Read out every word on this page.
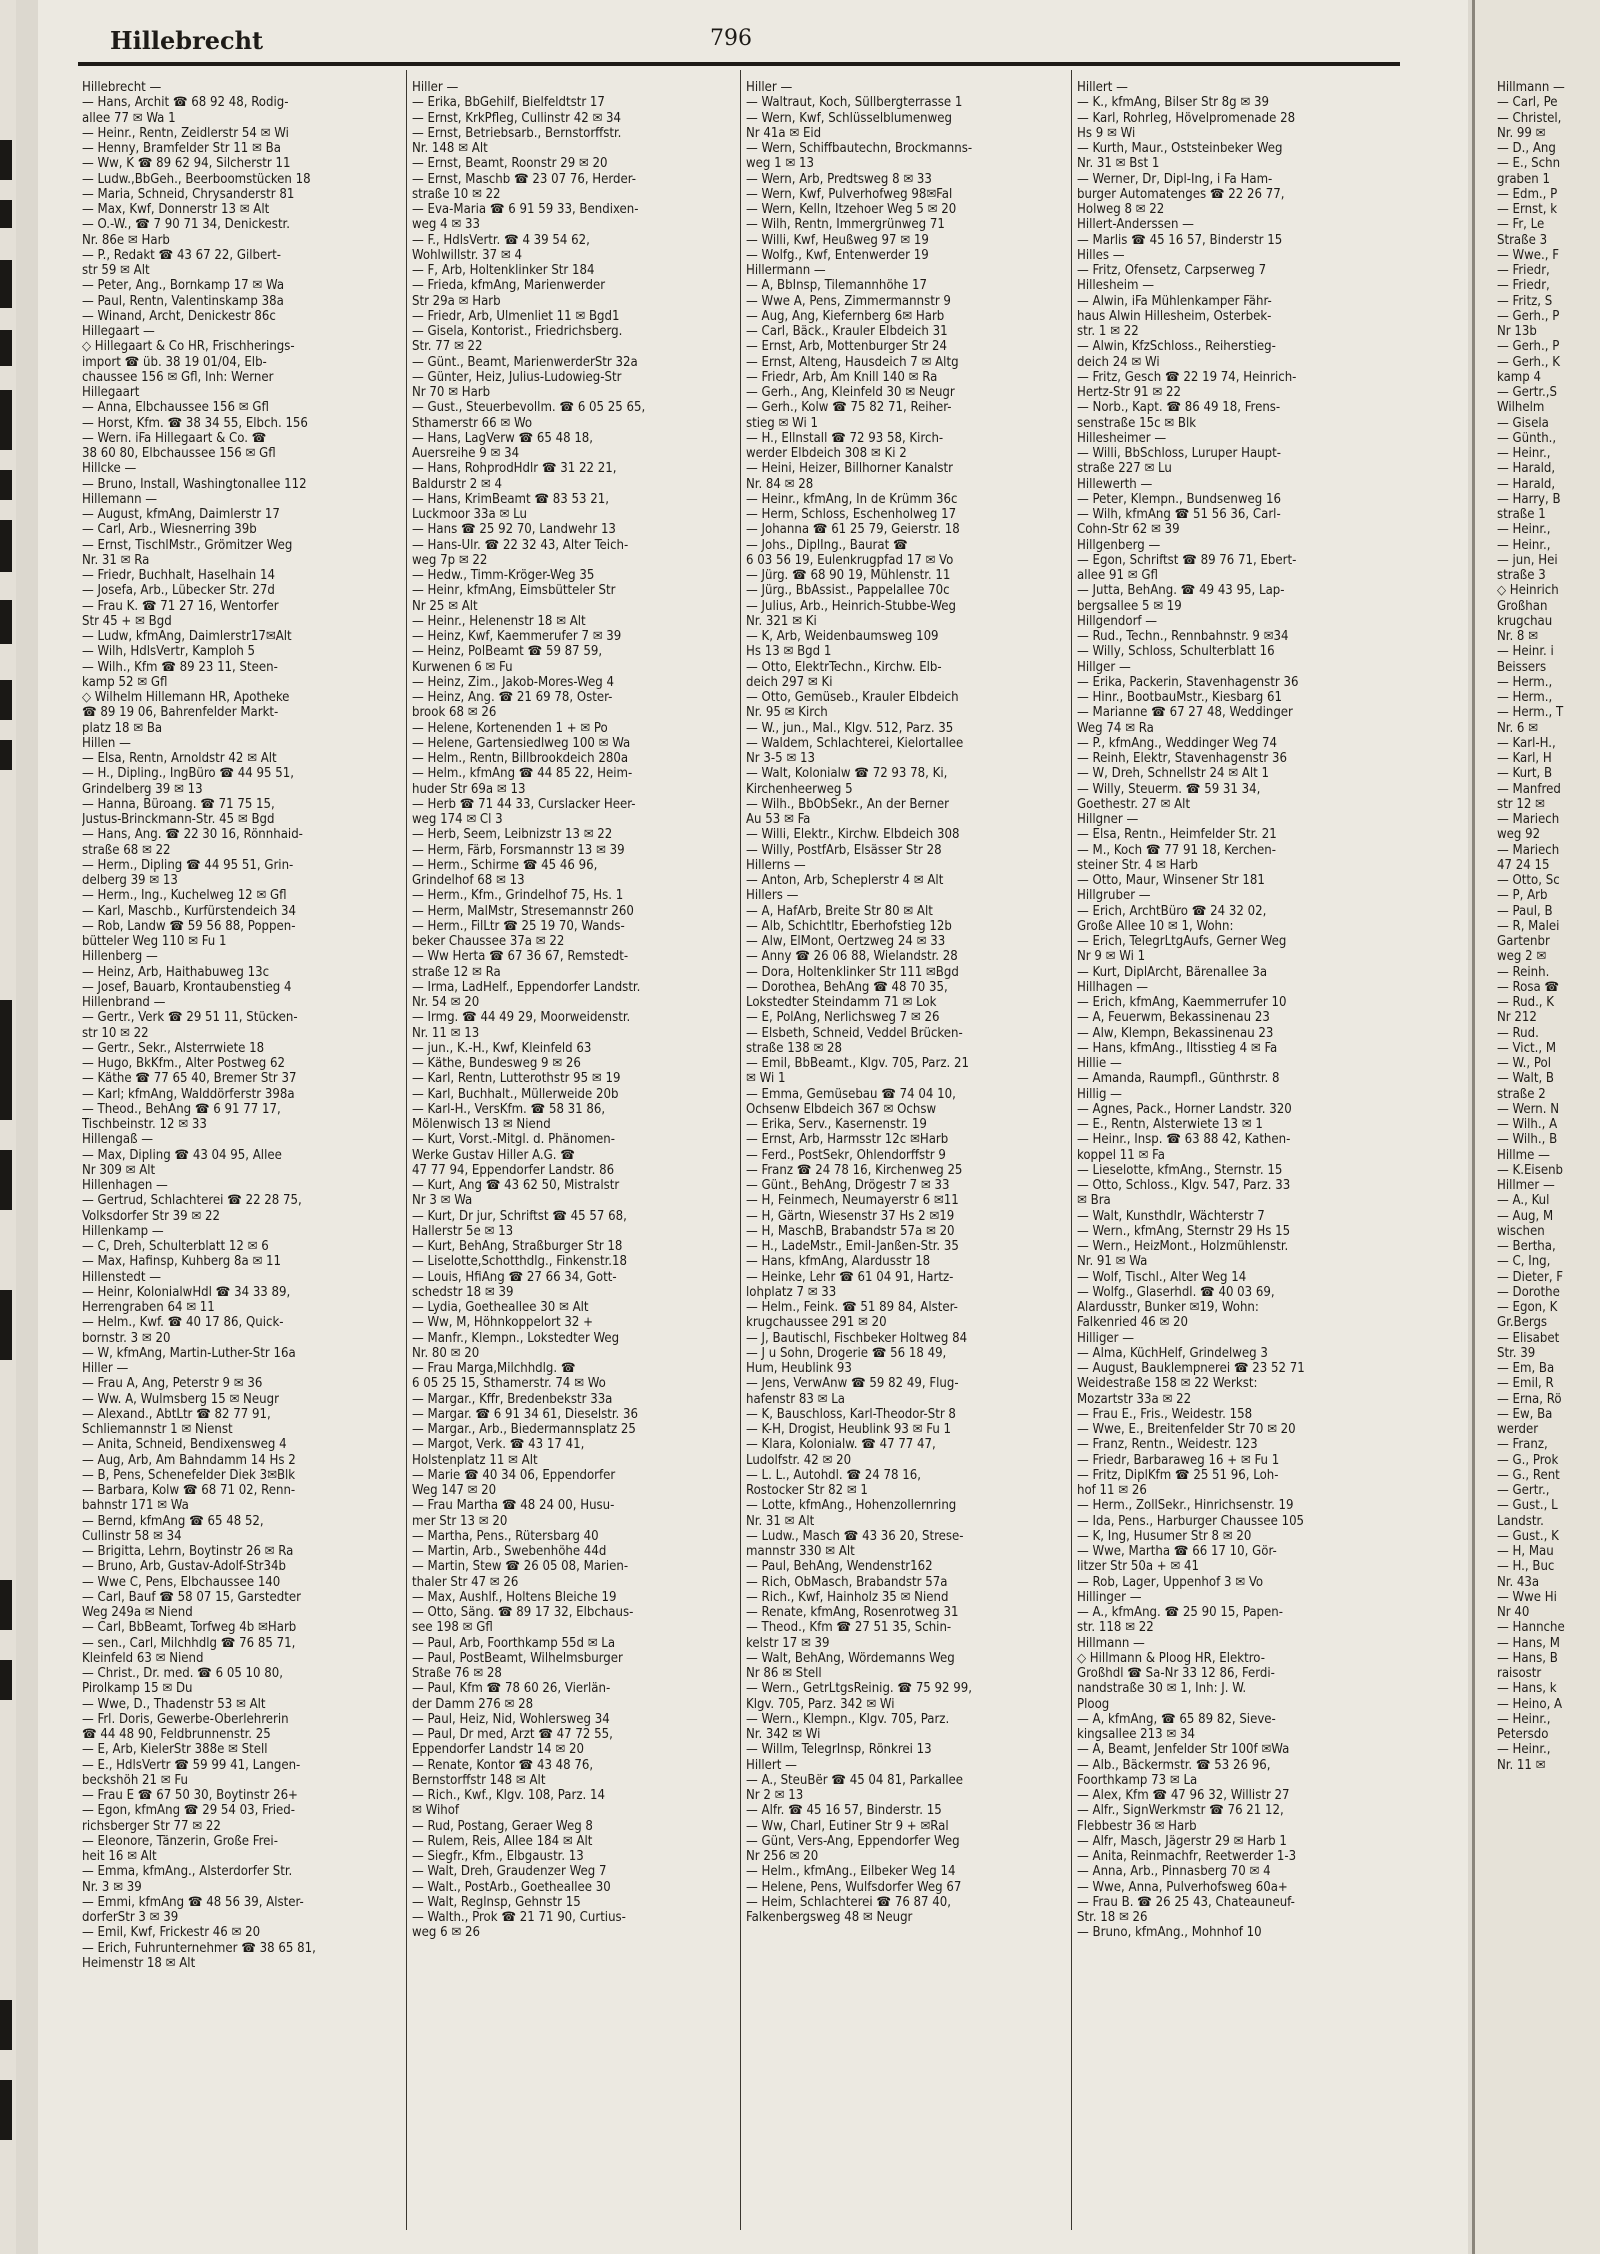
Hillebrecht	796
Hillebrecht —
— Hans, Archit ☎ 68 92 48, Rodig-
allee 77 ✉ Wa 1
— Heinr., Rentn, Zeidlerstr 54 ✉ Wi
— Henny, Bramfelder Str 11 ✉ Ba
— Ww, K ☎ 89 62 94, Silcherstr 11
— Ludw.,BbGeh., Beerboomstücken 18
— Maria, Schneid, Chrysanderstr 81
— Max, Kwf, Donnerstr 13 ✉ Alt
— O.-W., ☎ 7 90 71 34, Denickestr.
Nr. 86e ✉ Harb
— P., Redakt ☎ 43 67 22, Gilbert-
str 59 ✉ Alt
— Peter, Ang., Bornkamp 17 ✉ Wa
— Paul, Rentn, Valentinskamp 38a
— Winand, Archt, Denickestr 86c
Hillegaart —
◇ Hillegaart & Co HR, Frischherings-
import ☎ üb. 38 19 01/04, Elb-
chaussee 156 ✉ Gfl, Inh: Werner
Hillegaart
— Anna, Elbchaussee 156 ✉ Gfl
— Horst, Kfm. ☎ 38 34 55, Elbch. 156
— Wern. iFa Hillegaart & Co. ☎
38 60 80, Elbchaussee 156 ✉ Gfl
Hillcke —
— Bruno, Install, Washingtonallee 112
Hillemann —
— August, kfmAng, Daimlerstr 17
— Carl, Arb., Wiesnerring 39b
— Ernst, TischlMstr., Grömitzer Weg
Nr. 31 ✉ Ra
— Friedr, Buchhalt, Haselhain 14
— Josefa, Arb., Lübecker Str. 27d
— Frau K. ☎ 71 27 16, Wentorfer
Str 45 + ✉ Bgd
— Ludw, kfmAng, Daimlerstr17✉Alt
— Wilh, HdlsVertr, Kamploh 5
— Wilh., Kfm ☎ 89 23 11, Steen-
kamp 52 ✉ Gfl
◇ Wilhelm Hillemann HR, Apotheke
☎ 89 19 06, Bahrenfelder Markt-
platz 18 ✉ Ba
Hillen —
— Elsa, Rentn, Arnoldstr 42 ✉ Alt
— H., Dipling., IngBüro ☎ 44 95 51,
Grindelberg 39 ✉ 13
— Hanna, Büroang. ☎ 71 75 15,
Justus-Brinckmann-Str. 45 ✉ Bgd
— Hans, Ang. ☎ 22 30 16, Rönnhaid-
straße 68 ✉ 22
— Herm., Dipling ☎ 44 95 51, Grin-
delberg 39 ✉ 13
— Herm., Ing., Kuchelweg 12 ✉ Gfl
— Karl, Maschb., Kurfürstendeich 34
— Rob, Landw ☎ 59 56 88, Poppen-
bütteler Weg 110 ✉ Fu 1
Hillenberg —
— Heinz, Arb, Haithabuweg 13c
— Josef, Bauarb, Krontaubenstieg 4
Hillenbrand —
— Gertr., Verk ☎ 29 51 11, Stücken-
str 10 ✉ 22
— Gertr., Sekr., Alsterrwiete 18
— Hugo, BkKfm., Alter Postweg 62
— Käthe ☎ 77 65 40, Bremer Str 37
— Karl; kfmAng, Walddörferstr 398a
— Theod., BehAng ☎ 6 91 77 17,
Tischbeinstr. 12 ✉ 33
Hillengaß —
— Max, Dipling ☎ 43 04 95, Allee
Nr 309 ✉ Alt
Hillenhagen —
— Gertrud, Schlachterei ☎ 22 28 75,
Volksdorfer Str 39 ✉ 22
Hillenkamp —
— C, Dreh, Schulterblatt 12 ✉ 6
— Max, Hafinsp, Kuhberg 8a ✉ 11
Hillenstedt —
— Heinr, KolonialwHdl ☎ 34 33 89,
Herrengraben 64 ✉ 11
— Helm., Kwf. ☎ 40 17 86, Quick-
bornstr. 3 ✉ 20
— W, kfmAng, Martin-Luther-Str 16a
Hiller —
— Frau A, Ang, Peterstr 9 ✉ 36
— Ww. A, Wulmsberg 15 ✉ Neugr
— Alexand., AbtLtr ☎ 82 77 91,
Schliemannstr 1 ✉ Nienst
— Anita, Schneid, Bendixensweg 4
— Aug, Arb, Am Bahndamm 14 Hs 2
— B, Pens, Schenefelder Diek 3✉Blk
— Barbara, Kolw ☎ 68 71 02, Renn-
bahnstr 171 ✉ Wa
— Bernd, kfmAng ☎ 65 48 52,
Cullinstr 58 ✉ 34
— Brigitta, Lehrn, Boytinstr 26 ✉ Ra
— Bruno, Arb, Gustav-Adolf-Str34b
— Wwe C, Pens, Elbchaussee 140
— Carl, Bauf ☎ 58 07 15, Garstedter
Weg 249a ✉ Niend
— Carl, BbBeamt, Torfweg 4b ✉Harb
— sen., Carl, Milchhdlg ☎ 76 85 71,
Kleinfeld 63 ✉ Niend
— Christ., Dr. med. ☎ 6 05 10 80,
Pirolkamp 15 ✉ Du
— Wwe, D., Thadenstr 53 ✉ Alt
— Frl. Doris, Gewerbe-Oberlehrerin
☎ 44 48 90, Feldbrunnenstr. 25
— E, Arb, KielerStr 388e ✉ Stell
— E., HdlsVertr ☎ 59 99 41, Langen-
beckshöh 21 ✉ Fu
— Frau E ☎ 67 50 30, Boytinstr 26+
— Egon, kfmAng ☎ 29 54 03, Fried-
richsberger Str 77 ✉ 22
— Eleonore, Tänzerin, Große Frei-
heit 16 ✉ Alt
— Emma, kfmAng., Alsterdorfer Str.
Nr. 3 ✉ 39
— Emmi, kfmAng ☎ 48 56 39, Alster-
dorferStr 3 ✉ 39
— Emil, Kwf, Frickestr 46 ✉ 20
— Erich, Fuhrunternehmer ☎ 38 65 81,
Heimenstr 18 ✉ Alt
Hiller —
— Erika, BbGehilf, Bielfeldtstr 17
— Ernst, KrkPfleg, Cullinstr 42 ✉ 34
— Ernst, Betriebsarb., Bernstorffstr.
Nr. 148 ✉ Alt
— Ernst, Beamt, Roonstr 29 ✉ 20
— Ernst, Maschb ☎ 23 07 76, Herder-
straße 10 ✉ 22
— Eva-Maria ☎ 6 91 59 33, Bendixen-
weg 4 ✉ 33
— F., HdlsVertr. ☎ 4 39 54 62,
Wohlwillstr. 37 ✉ 4
— F, Arb, Holtenklinker Str 184
— Frieda, kfmAng, Marienwerder
Str 29a ✉ Harb
— Friedr, Arb, Ulmenliet 11 ✉ Bgd1
— Gisela, Kontorist., Friedrichsberg.
Str. 77 ✉ 22
— Günt., Beamt, MarienwerderStr 32a
— Günter, Heiz, Julius-Ludowieg-Str
Nr 70 ✉ Harb
— Gust., Steuerbevollm. ☎ 6 05 25 65,
Sthamerstr 66 ✉ Wo
— Hans, LagVerw ☎ 65 48 18,
Auersreihe 9 ✉ 34
— Hans, RohprodHdlr ☎ 31 22 21,
Baldurstr 2 ✉ 4
— Hans, KrimBeamt ☎ 83 53 21,
Luckmoor 33a ✉ Lu
— Hans ☎ 25 92 70, Landwehr 13
— Hans-Ulr. ☎ 22 32 43, Alter Teich-
weg 7p ✉ 22
— Hedw., Timm-Kröger-Weg 35
— Heinr, kfmAng, Eimsbütteler Str
Nr 25 ✉ Alt
— Heinr., Helenenstr 18 ✉ Alt
— Heinz, Kwf, Kaemmerufer 7 ✉ 39
— Heinz, PolBeamt ☎ 59 87 59,
Kurwenen 6 ✉ Fu
— Heinz, Zim., Jakob-Mores-Weg 4
— Heinz, Ang. ☎ 21 69 78, Oster-
brook 68 ✉ 26
— Helene, Kortenenden 1 + ✉ Po
— Helene, Gartensiedlweg 100 ✉ Wa
— Helm., Rentn, Billbrookdeich 280a
— Helm., kfmAng ☎ 44 85 22, Heim-
huder Str 69a ✉ 13
— Herb ☎ 71 44 33, Curslacker Heer-
weg 174 ✉ Cl 3
— Herb, Seem, Leibnizstr 13 ✉ 22
— Herm, Färb, Forsmannstr 13 ✉ 39
— Herm., Schirme ☎ 45 46 96,
Grindelhof 68 ✉ 13
— Herm., Kfm., Grindelhof 75, Hs. 1
— Herm, MalMstr, Stresemannstr 260
— Herm., FilLtr ☎ 25 19 70, Wands-
beker Chaussee 37a ✉ 22
— Ww Herta ☎ 67 36 67, Remstedt-
straße 12 ✉ Ra
— Irma, LadHelf., Eppendorfer Landstr.
Nr. 54 ✉ 20
— Irmg. ☎ 44 49 29, Moorweidenstr.
Nr. 11 ✉ 13
— jun., K.-H., Kwf, Kleinfeld 63
— Käthe, Bundesweg 9 ✉ 26
— Karl, Rentn, Lutterothstr 95 ✉ 19
— Karl, Buchhalt., Müllerweide 20b
— Karl-H., VersKfm. ☎ 58 31 86,
Mölenwisch 13 ✉ Niend
— Kurt, Vorst.-Mitgl. d. Phänomen-
Werke Gustav Hiller A.G. ☎
47 77 94, Eppendorfer Landstr. 86
— Kurt, Ang ☎ 43 62 50, Mistralstr
Nr 3 ✉ Wa
— Kurt, Dr jur, Schriftst ☎ 45 57 68,
Hallerstr 5e ✉ 13
— Kurt, BehAng, Straßburger Str 18
— Liselotte,Schotthdlg., Finkenstr.18
— Louis, HfiAng ☎ 27 66 34, Gott-
schedstr 18 ✉ 39
— Lydia, Goetheallee 30 ✉ Alt
— Ww, M, Höhnkoppelort 32 +
— Manfr., Klempn., Lokstedter Weg
Nr. 80 ✉ 20
— Frau Marga,Milchhdlg. ☎
6 05 25 15, Sthamerstr. 74 ✉ Wo
— Margar., Kffr, Bredenbekstr 33a
— Margar. ☎ 6 91 34 61, Dieselstr. 36
— Margar., Arb., Biedermannsplatz 25
— Margot, Verk. ☎ 43 17 41,
Holstenplatz 11 ✉ Alt
— Marie ☎ 40 34 06, Eppendorfer
Weg 147 ✉ 20
— Frau Martha ☎ 48 24 00, Husu-
mer Str 13 ✉ 20
— Martha, Pens., Rütersbarg 40
— Martin, Arb., Swebenhöhe 44d
— Martin, Stew ☎ 26 05 08, Marien-
thaler Str 47 ✉ 26
— Max, Aushlf., Holtens Bleiche 19
— Otto, Säng. ☎ 89 17 32, Elbchaus-
see 198 ✉ Gfl
— Paul, Arb, Foorthkamp 55d ✉ La
— Paul, PostBeamt, Wilhelmsburger
Straße 76 ✉ 28
— Paul, Kfm ☎ 78 60 26, Vierlän-
der Damm 276 ✉ 28
— Paul, Heiz, Nid, Wohlersweg 34
— Paul, Dr med, Arzt ☎ 47 72 55,
Eppendorfer Landstr 14 ✉ 20
— Renate, Kontor ☎ 43 48 76,
Bernstorffstr 148 ✉ Alt
— Rich., Kwf., Klgv. 108, Parz. 14
✉ Wihof
— Rud, Postang, Geraer Weg 8
— Rulem, Reis, Allee 184 ✉ Alt
— Siegfr., Kfm., Elbgaustr. 13
— Walt, Dreh, Graudenzer Weg 7
— Walt., PostArb., Goetheallee 30
— Walt, Reglnsp, Gehnstr 15
— Walth., Prok ☎ 21 71 90, Curtius-
weg 6 ✉ 26
Hiller —
— Waltraut, Koch, Süllbergterrasse 1
— Wern, Kwf, Schlüsselblumenweg
Nr 41a ✉ Eid
— Wern, Schiffbautechn, Brockmanns-
weg 1 ✉ 13
— Wern, Arb, Predtsweg 8 ✉ 33
— Wern, Kwf, Pulverhofweg 98✉Fal
— Wern, Kelln, Itzehoer Weg 5 ✉ 20
— Wilh, Rentn, Immergrünweg 71
— Willi, Kwf, Heußweg 97 ✉ 19
— Wolfg., Kwf, Entenwerder 19
Hillermann —
— A, BbInsp, Tilemannhöhe 17
— Wwe A, Pens, Zimmermannstr 9
— Aug, Ang, Kiefernberg 6✉ Harb
— Carl, Bäck., Krauler Elbdeich 31
— Ernst, Arb, Mottenburger Str 24
— Ernst, Alteng, Hausdeich 7 ✉ Altg
— Friedr, Arb, Am Knill 140 ✉ Ra
— Gerh., Ang, Kleinfeld 30 ✉ Neugr
— Gerh., Kolw ☎ 75 82 71, Reiher-
stieg ✉ Wi 1
— H., Ellnstall ☎ 72 93 58, Kirch-
werder Elbdeich 308 ✉ Ki 2
— Heini, Heizer, Billhorner Kanalstr
Nr. 84 ✉ 28
— Heinr., kfmAng, In de Krümm 36c
— Herm, Schloss, Eschenholweg 17
— Johanna ☎ 61 25 79, Geierstr. 18
— Johs., DiplIng., Baurat ☎
6 03 56 19, Eulenkrugpfad 17 ✉ Vo
— Jürg. ☎ 68 90 19, Mühlenstr. 11
— Jürg., BbAssist., Pappelallee 70c
— Julius, Arb., Heinrich-Stubbe-Weg
Nr. 321 ✉ Ki
— K, Arb, Weidenbaumsweg 109
Hs 13 ✉ Bgd 1
— Otto, ElektrTechn., Kirchw. Elb-
deich 297 ✉ Ki
— Otto, Gemüseb., Krauler Elbdeich
Nr. 95 ✉ Kirch
— W., jun., Mal., Klgv. 512, Parz. 35
— Waldem, Schlachterei, Kielortallee
Nr 3-5 ✉ 13
— Walt, Kolonialw ☎ 72 93 78, Ki,
Kirchenheerweg 5
— Wilh., BbObSekr., An der Berner
Au 53 ✉ Fa
— Willi, Elektr., Kirchw. Elbdeich 308
— Willy, PostfArb, Elsässer Str 28
Hillerns —
— Anton, Arb, Scheplerstr 4 ✉ Alt
Hillers —
— A, HafArb, Breite Str 80 ✉ Alt
— Alb, Schichtltr, Eberhofstieg 12b
— Alw, ElMont, Oertzweg 24 ✉ 33
— Anny ☎ 26 06 88, Wielandstr. 28
— Dora, Holtenklinker Str 111 ✉Bgd
— Dorothea, BehAng ☎ 48 70 35,
Lokstedter Steindamm 71 ✉ Lok
— E, PolAng, Nerlichsweg 7 ✉ 26
— Elsbeth, Schneid, Veddel Brücken-
straße 138 ✉ 28
— Emil, BbBeamt., Klgv. 705, Parz. 21
✉ Wi 1
— Emma, Gemüsebau ☎ 74 04 10,
Ochsenw Elbdeich 367 ✉ Ochsw
— Erika, Serv., Kasernenstr. 19
— Ernst, Arb, Harmsstr 12c ✉Harb
— Ferd., PostSekr, Ohlendorffstr 9
— Franz ☎ 24 78 16, Kirchenweg 25
— Günt., BehAng, Drögestr 7 ✉ 33
— H, Feinmech, Neumayerstr 6 ✉11
— H, Gärtn, Wiesenstr 37 Hs 2 ✉19
— H, MaschB, Brabandstr 57a ✉ 20
— H., LadeMstr., Emil-Janßen-Str. 35
— Hans, kfmAng, Alardusstr 18
— Heinke, Lehr ☎ 61 04 91, Hartz-
lohplatz 7 ✉ 33
— Helm., Feink. ☎ 51 89 84, Alster-
krugchaussee 291 ✉ 20
— J, Bautischl, Fischbeker Holtweg 84
— J u Sohn, Drogerie ☎ 56 18 49,
Hum, Heublink 93
— Jens, VerwAnw ☎ 59 82 49, Flug-
hafenstr 83 ✉ La
— K, Bauschloss, Karl-Theodor-Str 8
— K-H, Drogist, Heublink 93 ✉ Fu 1
— Klara, Kolonialw. ☎ 47 77 47,
Ludolfstr. 42 ✉ 20
— L. L., Autohdl. ☎ 24 78 16,
Rostocker Str 82 ✉ 1
— Lotte, kfmAng., Hohenzollernring
Nr. 31 ✉ Alt
— Ludw., Masch ☎ 43 36 20, Strese-
mannstr 330 ✉ Alt
— Paul, BehAng, Wendenstr162
— Rich, ObMasch, Brabandstr 57a
— Rich., Kwf, Hainholz 35 ✉ Niend
— Renate, kfmAng, Rosenrotweg 31
— Theod., Kfm ☎ 27 51 35, Schin-
kelstr 17 ✉ 39
— Walt, BehAng, Wördemanns Weg
Nr 86 ✉ Stell
— Wern., GetrLtgsReinig. ☎ 75 92 99,
Klgv. 705, Parz. 342 ✉ Wi
— Wern., Klempn., Klgv. 705, Parz.
Nr. 342 ✉ Wi
— Willm, TelegrInsp, Rönkrei 13
Hillert —
— A., SteuBër ☎ 45 04 81, Parkallee
Nr 2 ✉ 13
— Alfr. ☎ 45 16 57, Binderstr. 15
— Ww, Charl, Eutiner Str 9 + ✉Ral
— Günt, Vers-Ang, Eppendorfer Weg
Nr 256 ✉ 20
— Helm., kfmAng., Eilbeker Weg 14
— Helene, Pens, Wulfsdorfer Weg 67
— Heim, Schlachterei ☎ 76 87 40,
Falkenbergsweg 48 ✉ Neugr
Hillert —
— K., kfmAng, Bilser Str 8g ✉ 39
— Karl, Rohrleg, Hövelpromenade 28
Hs 9 ✉ Wi
— Kurth, Maur., Oststeinbeker Weg
Nr. 31 ✉ Bst 1
— Werner, Dr, Dipl-Ing, i Fa Ham-
burger Automatenges ☎ 22 26 77,
Holweg 8 ✉ 22
Hillert-Anderssen —
— Marlis ☎ 45 16 57, Binderstr 15
Hilles —
— Fritz, Ofensetz, Carpserweg 7
Hillesheim —
— Alwin, iFa Mühlenkamper Fähr-
haus Alwin Hillesheim, Osterbek-
str. 1 ✉ 22
— Alwin, KfzSchloss., Reiherstieg-
deich 24 ✉ Wi
— Fritz, Gesch ☎ 22 19 74, Heinrich-
Hertz-Str 91 ✉ 22
— Norb., Kapt. ☎ 86 49 18, Frens-
senstraße 15c ✉ Blk
Hillesheimer —
— Willi, BbSchloss, Luruper Haupt-
straße 227 ✉ Lu
Hillewerth —
— Peter, Klempn., Bundsenweg 16
— Wilh, kfmAng ☎ 51 56 36, Carl-
Cohn-Str 62 ✉ 39
Hillgenberg —
— Egon, Schriftst ☎ 89 76 71, Ebert-
allee 91 ✉ Gfl
— Jutta, BehAng. ☎ 49 43 95, Lap-
bergsallee 5 ✉ 19
Hillgendorf —
— Rud., Techn., Rennbahnstr. 9 ✉34
— Willy, Schloss, Schulterblatt 16
Hillger —
— Erika, Packerin, Stavenhagenstr 36
— Hinr., BootbauMstr., Kiesbarg 61
— Marianne ☎ 67 27 48, Weddinger
Weg 74 ✉ Ra
— P., kfmAng., Weddinger Weg 74
— Reinh, Elektr, Stavenhagenstr 36
— W, Dreh, Schnellstr 24 ✉ Alt 1
— Willy, Steuerm. ☎ 59 31 34,
Goethestr. 27 ✉ Alt
Hillgner —
— Elsa, Rentn., Heimfelder Str. 21
— M., Koch ☎ 77 91 18, Kerchen-
steiner Str. 4 ✉ Harb
— Otto, Maur, Winsener Str 181
Hillgruber —
— Erich, ArchtBüro ☎ 24 32 02,
Große Allee 10 ✉ 1, Wohn:
— Erich, TelegrLtgAufs, Gerner Weg
Nr 9 ✉ Wi 1
— Kurt, DiplArcht, Bärenallee 3a
Hillhagen —
— Erich, kfmAng, Kaemmerrufer 10
— A, Feuerwm, Bekassinenau 23
— Alw, Klempn, Bekassinenau 23
— Hans, kfmAng., Iltisstieg 4 ✉ Fa
Hillie —
— Amanda, Raumpfl., Günthrstr. 8
Hillig —
— Agnes, Pack., Horner Landstr. 320
— E., Rentn, Alsterwiete 13 ✉ 1
— Heinr., Insp. ☎ 63 88 42, Kathen-
koppel 11 ✉ Fa
— Lieselotte, kfmAng., Sternstr. 15
— Otto, Schloss., Klgv. 547, Parz. 33
✉ Bra
— Walt, Kunsthdlr, Wächterstr 7
— Wern., kfmAng, Sternstr 29 Hs 15
— Wern., HeizMont., Holzmühlenstr.
Nr. 91 ✉ Wa
— Wolf, Tischl., Alter Weg 14
— Wolfg., Glaserhdl. ☎ 40 03 69,
Alardusstr, Bunker ✉19, Wohn:
Falkenried 46 ✉ 20
Hilliger —
— Alma, KüchHelf, Grindelweg 3
— August, Bauklempnerei ☎ 23 52 71
Weidestraße 158 ✉ 22 Werkst:
Mozartstr 33a ✉ 22
— Frau E., Fris., Weidestr. 158
— Wwe, E., Breitenfelder Str 70 ✉ 20
— Franz, Rentn., Weidestr. 123
— Friedr, Barbaraweg 16 + ✉ Fu 1
— Fritz, DiplKfm ☎ 25 51 96, Loh-
hof 11 ✉ 26
— Herm., ZollSekr., Hinrichsenstr. 19
— Ida, Pens., Harburger Chaussee 105
— K, Ing, Husumer Str 8 ✉ 20
— Wwe, Martha ☎ 66 17 10, Gör-
litzer Str 50a + ✉ 41
— Rob, Lager, Uppenhof 3 ✉ Vo
Hillinger —
— A., kfmAng. ☎ 25 90 15, Papen-
str. 118 ✉ 22
Hillmann —
◇ Hillmann & Ploog HR, Elektro-
Großhdl ☎ Sa-Nr 33 12 86, Ferdi-
nandstraße 30 ✉ 1, Inh: J. W.
Ploog
— A, kfmAng, ☎ 65 89 82, Sieve-
kingsallee 213 ✉ 34
— A, Beamt, Jenfelder Str 100f ✉Wa
— Alb., Bäckermstr. ☎ 53 26 96,
Foorthkamp 73 ✉ La
— Alex, Kfm ☎ 47 96 32, Willistr 27
— Alfr., SignWerkmstr ☎ 76 21 12,
Flebbestr 36 ✉ Harb
— Alfr, Masch, Jägerstr 29 ✉ Harb 1
— Anita, Reinmachfr, Reetwerder 1-3
— Anna, Arb., Pinnasberg 70 ✉ 4
— Wwe, Anna, Pulverhofsweg 60a+
— Frau B. ☎ 26 25 43, Chateauneuf-
Str. 18 ✉ 26
— Bruno, kfmAng., Mohnhof 10
Hillmann —
— Carl, Pe
— Christel,
Nr. 99 ✉
— D., Ang
— E., Schn
graben 1
— Edm., P
— Ernst, k
— Fr, Le
Straße 3
— Wwe., F
— Friedr,
— Friedr,
— Fritz, S
— Gerh., P
Nr 13b
— Gerh., P
— Gerh., K
kamp 4
— Gertr.,S
Wilhelm
— Gisela
— Günth.,
— Heinr.,
— Harald,
— Harald,
— Harry, B
straße 1
— Heinr.,
— Heinr.,
— jun, Hei
straße 3
◇ Heinrich
Großhan
krugchau
Nr. 8 ✉
— Heinr. i
Beissers
— Herm.,
— Herm.,
— Herm., T
Nr. 6 ✉
— Karl-H.,
— Karl, H
— Kurt, B
— Manfred
str 12 ✉
— Mariech
weg 92
— Mariech
47 24 15
— Otto, Sc
— P, Arb
— Paul, B
— R, Malei
Gartenbr
weg 2 ✉
— Reinh.
— Rosa ☎
— Rud., K
Nr 212
— Rud.
— Vict., M
— W., Pol
— Walt, B
straße 2
— Wern. N
— Wilh., A
— Wilh., B
Hillme —
— K.Eisenb
Hillmer —
— A., Kul
— Aug, M
wischen
— Bertha,
— C, Ing,
— Dieter, F
— Dorothe
— Egon, K
Gr.Bergs
— Elisabet
Str. 39
— Em, Ba
— Emil, R
— Erna, Rö
— Ew, Ba
werder
— Franz,
— G., Prok
— G., Rent
— Gertr.,
— Gust., L
Landstr.
— Gust., K
— H, Mau
— H., Buc
Nr. 43a
— Wwe Hi
Nr 40
— Hannche
— Hans, M
— Hans, B
raisostr
— Hans, k
— Heino, A
— Heinr.,
Petersdo
— Heinr.,
Nr. 11 ✉
